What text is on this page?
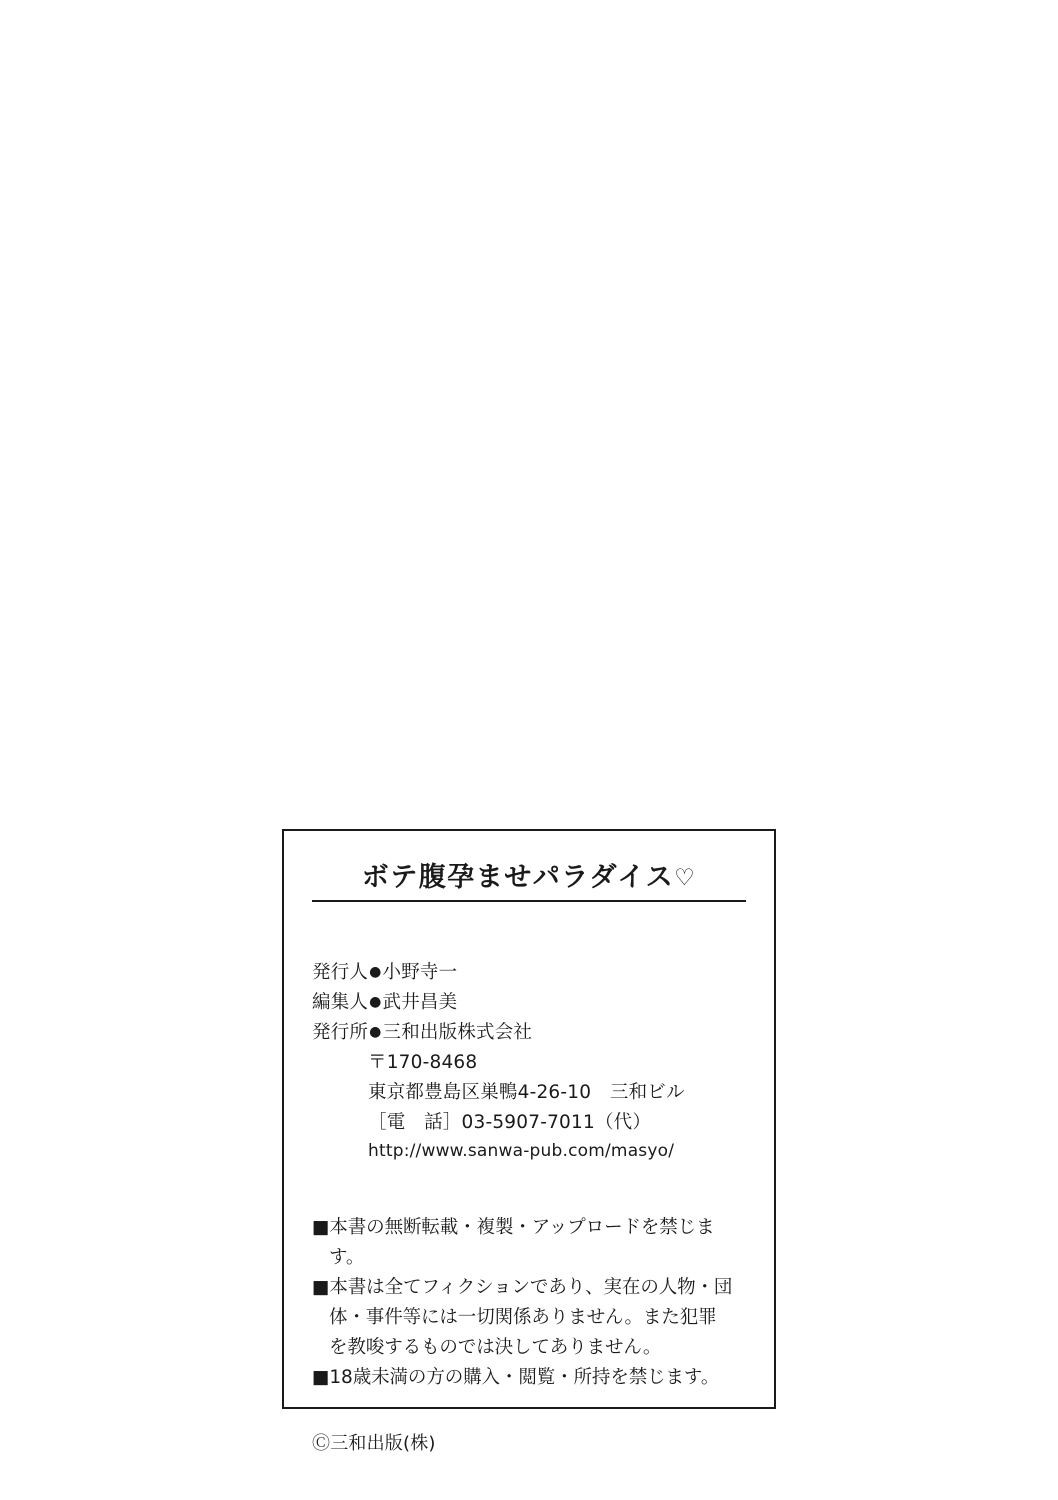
ボテ腹孕ませパラダイス♡
発行人●小野寺一
編集人●武井昌美
発行所●三和出版株式会社
〒170-8468
東京都豊島区巣鴨4-26-10　三和ビル
［電　話］03-5907-7011（代）
http://www.sanwa-pub.com/masyo/
■本書の無断転載・複製・アップロードを禁じます。
■本書は全てフィクションであり、実在の人物・団
体・事件等には一切関係ありません。また犯罪
を教唆するものでは決してありません。
■18歳未満の方の購入・閲覧・所持を禁じます。
Ⓒ三和出版(株)
